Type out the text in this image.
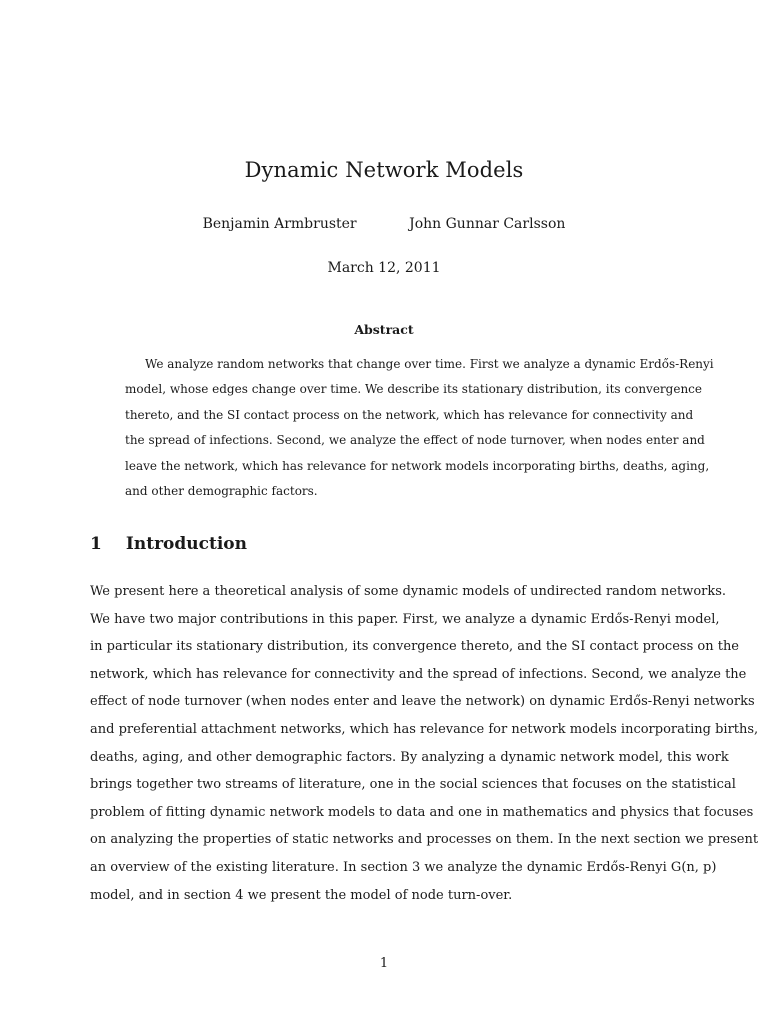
Dynamic Network Models
Benjamin Armbruster	John Gunnar Carlsson
March 12, 2011
Abstract
We analyze random networks that change over time. First we analyze a dynamic Erdős-Renyi
model, whose edges change over time. We describe its stationary distribution, its convergence
thereto, and the SI contact process on the network, which has relevance for connectivity and
the spread of infections. Second, we analyze the effect of node turnover, when nodes enter and
leave the network, which has relevance for network models incorporating births, deaths, aging,
and other demographic factors.
1 Introduction
We present here a theoretical analysis of some dynamic models of undirected random networks.
We have two major contributions in this paper. First, we analyze a dynamic Erdős-Renyi model,
in particular its stationary distribution, its convergence thereto, and the SI contact process on the
network, which has relevance for connectivity and the spread of infections. Second, we analyze the
effect of node turnover (when nodes enter and leave the network) on dynamic Erdős-Renyi networks
and preferential attachment networks, which has relevance for network models incorporating births,
deaths, aging, and other demographic factors. By analyzing a dynamic network model, this work
brings together two streams of literature, one in the social sciences that focuses on the statistical
problem of fitting dynamic network models to data and one in mathematics and physics that focuses
on analyzing the properties of static networks and processes on them. In the next section we present
an overview of the existing literature. In section 3 we analyze the dynamic Erdős-Renyi G(n, p)
model, and in section 4 we present the model of node turn-over.
1
